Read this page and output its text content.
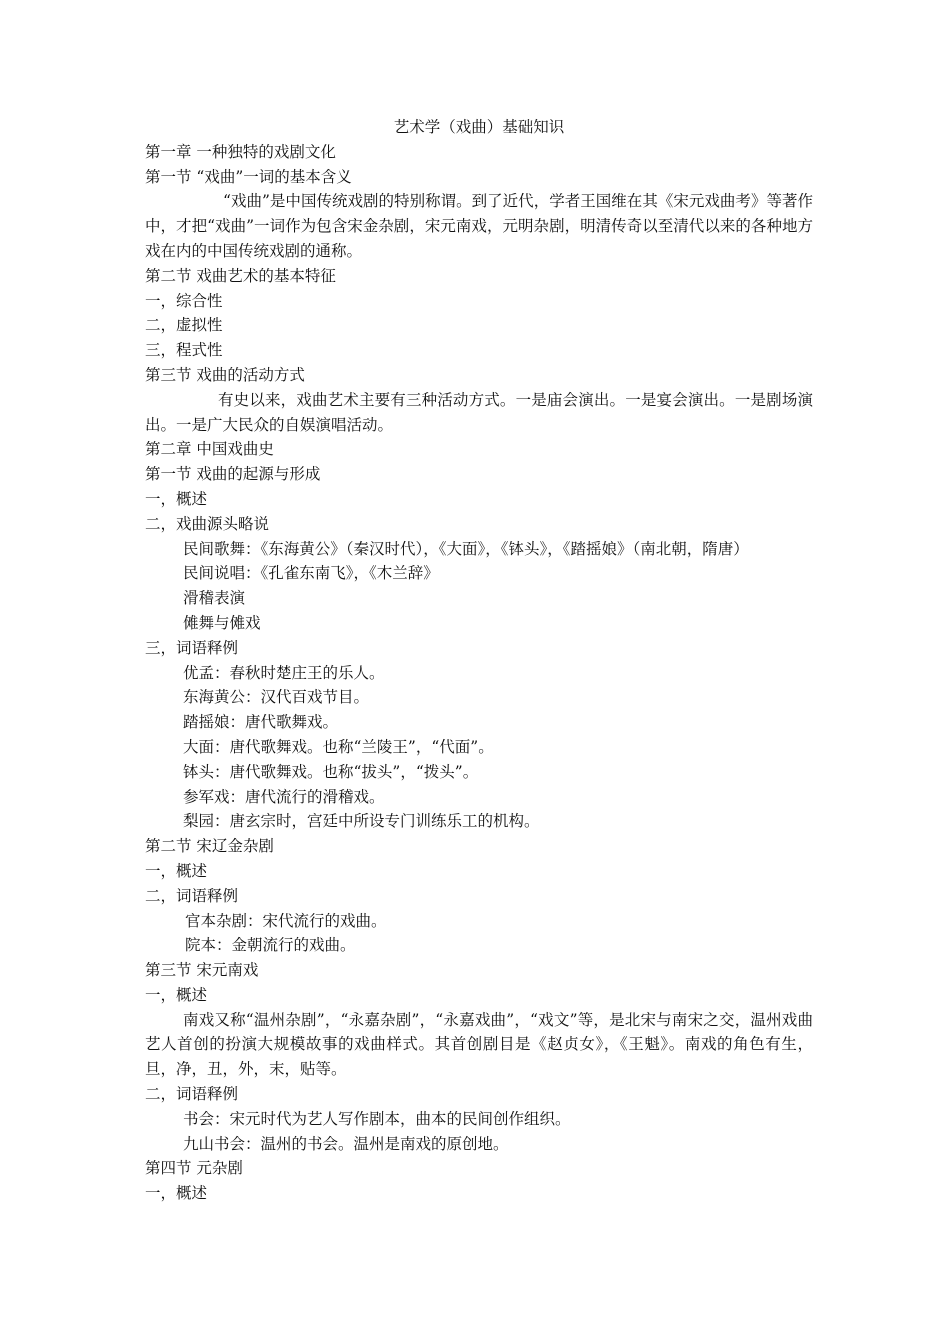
艺术学（戏曲）基础知识
第一章 一种独特的戏剧文化
第一节 “戏曲”一词的基本含义
“戏曲”是中国传统戏剧的特别称谓。到了近代，学者王国维在其《宋元戏曲考》等著作中，才把“戏曲”一词作为包含宋金杂剧，宋元南戏，元明杂剧，明清传奇以至清代以来的各种地方戏在内的中国传统戏剧的通称。
第二节 戏曲艺术的基本特征
一，综合性
二，虚拟性
三，程式性
第三节 戏曲的活动方式
有史以来，戏曲艺术主要有三种活动方式。一是庙会演出。一是宴会演出。一是剧场演出。一是广大民众的自娱演唱活动。
第二章 中国戏曲史
第一节 戏曲的起源与形成
一，概述
二，戏曲源头略说
民间歌舞：《东海黄公》（秦汉时代），《大面》，《钵头》，《踏摇娘》（南北朝，隋唐）
民间说唱：《孔雀东南飞》，《木兰辞》
滑稽表演
傩舞与傩戏
三，词语释例
优孟：春秋时楚庄王的乐人。
东海黄公：汉代百戏节目。
踏摇娘：唐代歌舞戏。
大面：唐代歌舞戏。也称“兰陵王”，“代面”。
钵头：唐代歌舞戏。也称“拔头”，“拨头”。
参军戏：唐代流行的滑稽戏。
梨园：唐玄宗时，宫廷中所设专门训练乐工的机构。
第二节 宋辽金杂剧
一，概述
二，词语释例
官本杂剧：宋代流行的戏曲。
院本：金朝流行的戏曲。
第三节 宋元南戏
一，概述
南戏又称“温州杂剧”，“永嘉杂剧”，“永嘉戏曲”，“戏文”等，是北宋与南宋之交，温州戏曲艺人首创的扮演大规模故事的戏曲样式。其首创剧目是《赵贞女》，《王魁》。南戏的角色有生，旦，净，丑，外，末，贴等。
二，词语释例
书会：宋元时代为艺人写作剧本，曲本的民间创作组织。
九山书会：温州的书会。温州是南戏的原创地。
第四节 元杂剧
一，概述
